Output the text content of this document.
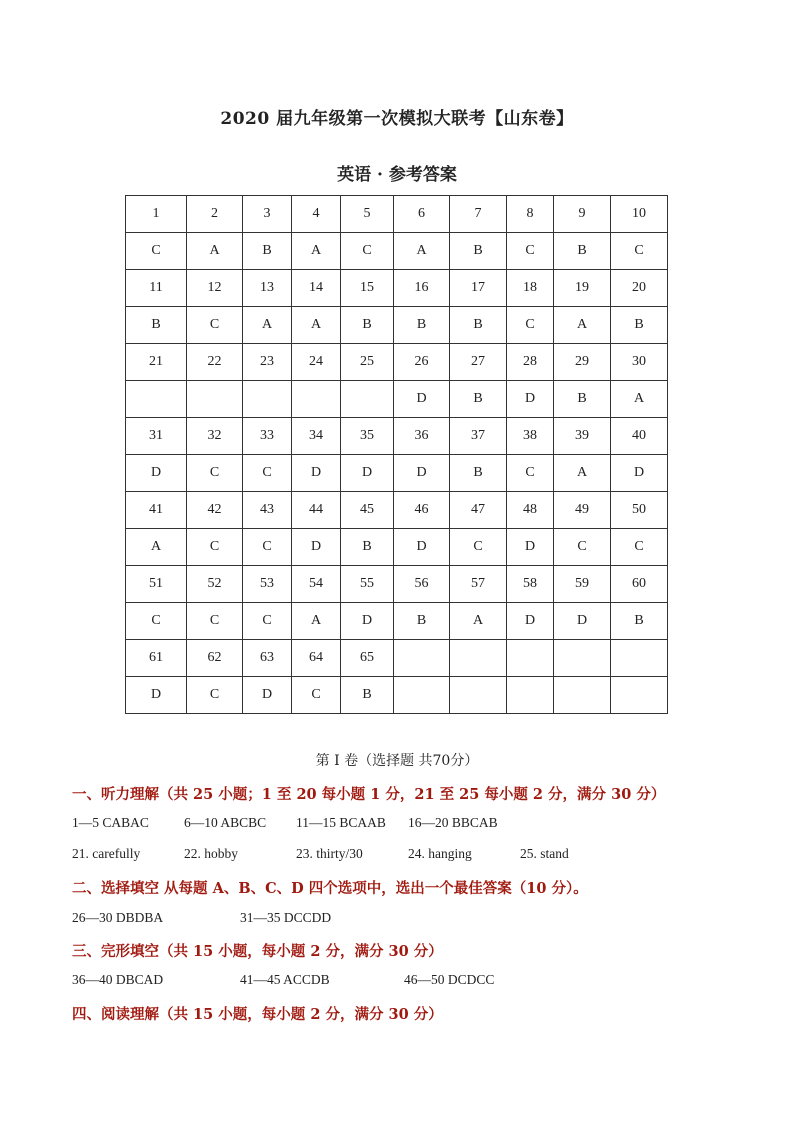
2020 届九年级第一次模拟大联考【山东卷】
英语 · 参考答案
1	2	3	4	5	6	7	8	9	10
C	A	B	A	C	A	B	C	B	C
11	12	13	14	15	16	17	18	19	20
B	C	A	A	B	B	B	C	A	B
21	22	23	24	25	26	27	28	29	30
					D	B	D	B	A
31	32	33	34	35	36	37	38	39	40
D	C	C	D	D	D	B	C	A	D
41	42	43	44	45	46	47	48	49	50
A	C	C	D	B	D	C	D	C	C
51	52	53	54	55	56	57	58	59	60
C	C	C	A	D	B	A	D	D	B
61	62	63	64	65					
D	C	D	C	B					
第 I 卷（选择题 共70分）
一、听力理解（共 25 小题；1 至 20 每小题 1 分，21 至 25 每小题 2 分，满分 30 分）
1—5 CABAC	6—10 ABCBC 11—15 BCAAB 16—20 BBCAB
21. carefully	22. hobby	23. thirty/30	24. hanging	25. stand
二、选择填空 从每题 A、B、C、D 四个选项中，选出一个最佳答案（10 分）。
26—30 DBDBA	31—35 DCCDD
三、完形填空（共 15 小题，每小题 2 分，满分 30 分）
36—40 DBCAD	41—45 ACCDB	46—50 DCDCC
四、阅读理解（共 15 小题，每小题 2 分，满分 30 分）
